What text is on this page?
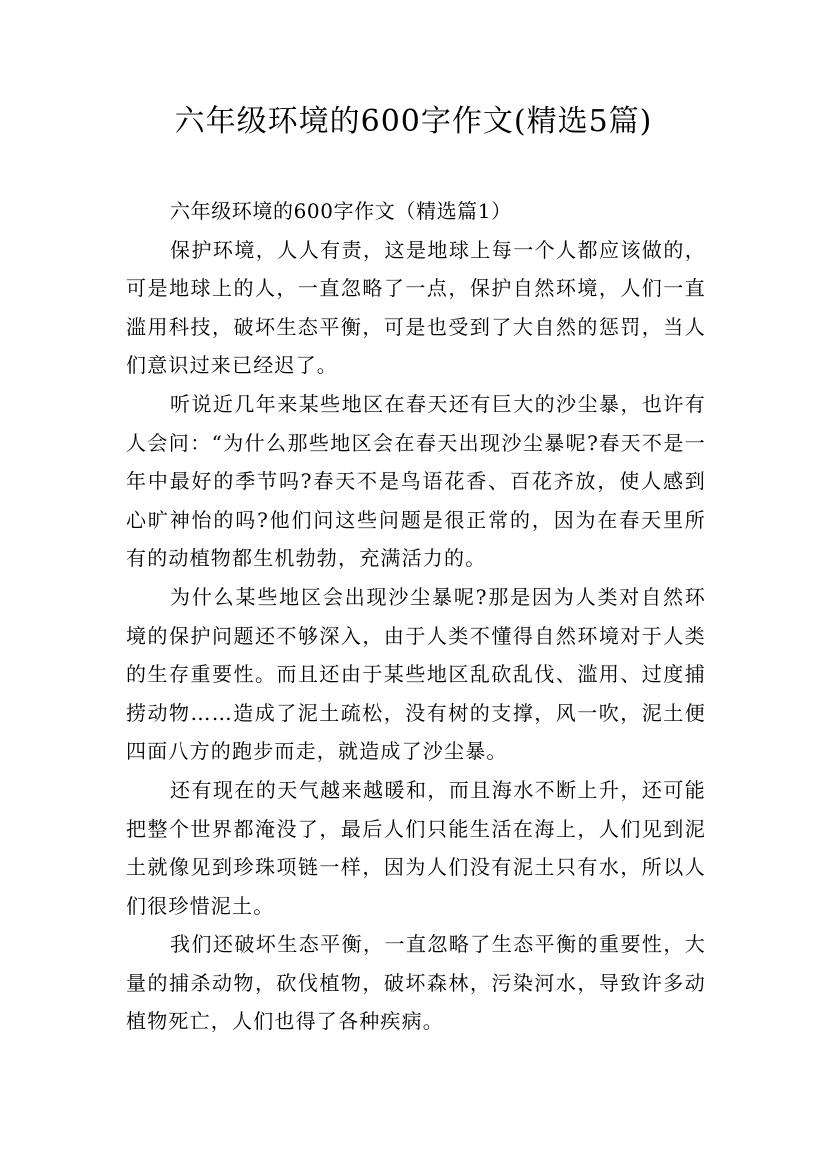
六年级环境的600字作文(精选5篇)

六年级环境的600字作文（精选篇1）

保护环境，人人有责，这是地球上每一个人都应该做的，可是地球上的人，一直忽略了一点，保护自然环境，人们一直滥用科技，破坏生态平衡，可是也受到了大自然的惩罚，当人们意识过来已经迟了。

听说近几年来某些地区在春天还有巨大的沙尘暴，也许有人会问：“为什么那些地区会在春天出现沙尘暴呢?春天不是一年中最好的季节吗?春天不是鸟语花香、百花齐放，使人感到心旷神怡的吗?他们问这些问题是很正常的，因为在春天里所有的动植物都生机勃勃，充满活力的。

为什么某些地区会出现沙尘暴呢?那是因为人类对自然环境的保护问题还不够深入，由于人类不懂得自然环境对于人类的生存重要性。而且还由于某些地区乱砍乱伐、滥用、过度捕捞动物……造成了泥土疏松，没有树的支撑，风一吹，泥土便四面八方的跑步而走，就造成了沙尘暴。

还有现在的天气越来越暖和，而且海水不断上升，还可能把整个世界都淹没了，最后人们只能生活在海上，人们见到泥土就像见到珍珠项链一样，因为人们没有泥土只有水，所以人们很珍惜泥土。

我们还破坏生态平衡，一直忽略了生态平衡的重要性，大量的捕杀动物，砍伐植物，破坏森林，污染河水，导致许多动植物死亡，人们也得了各种疾病。
